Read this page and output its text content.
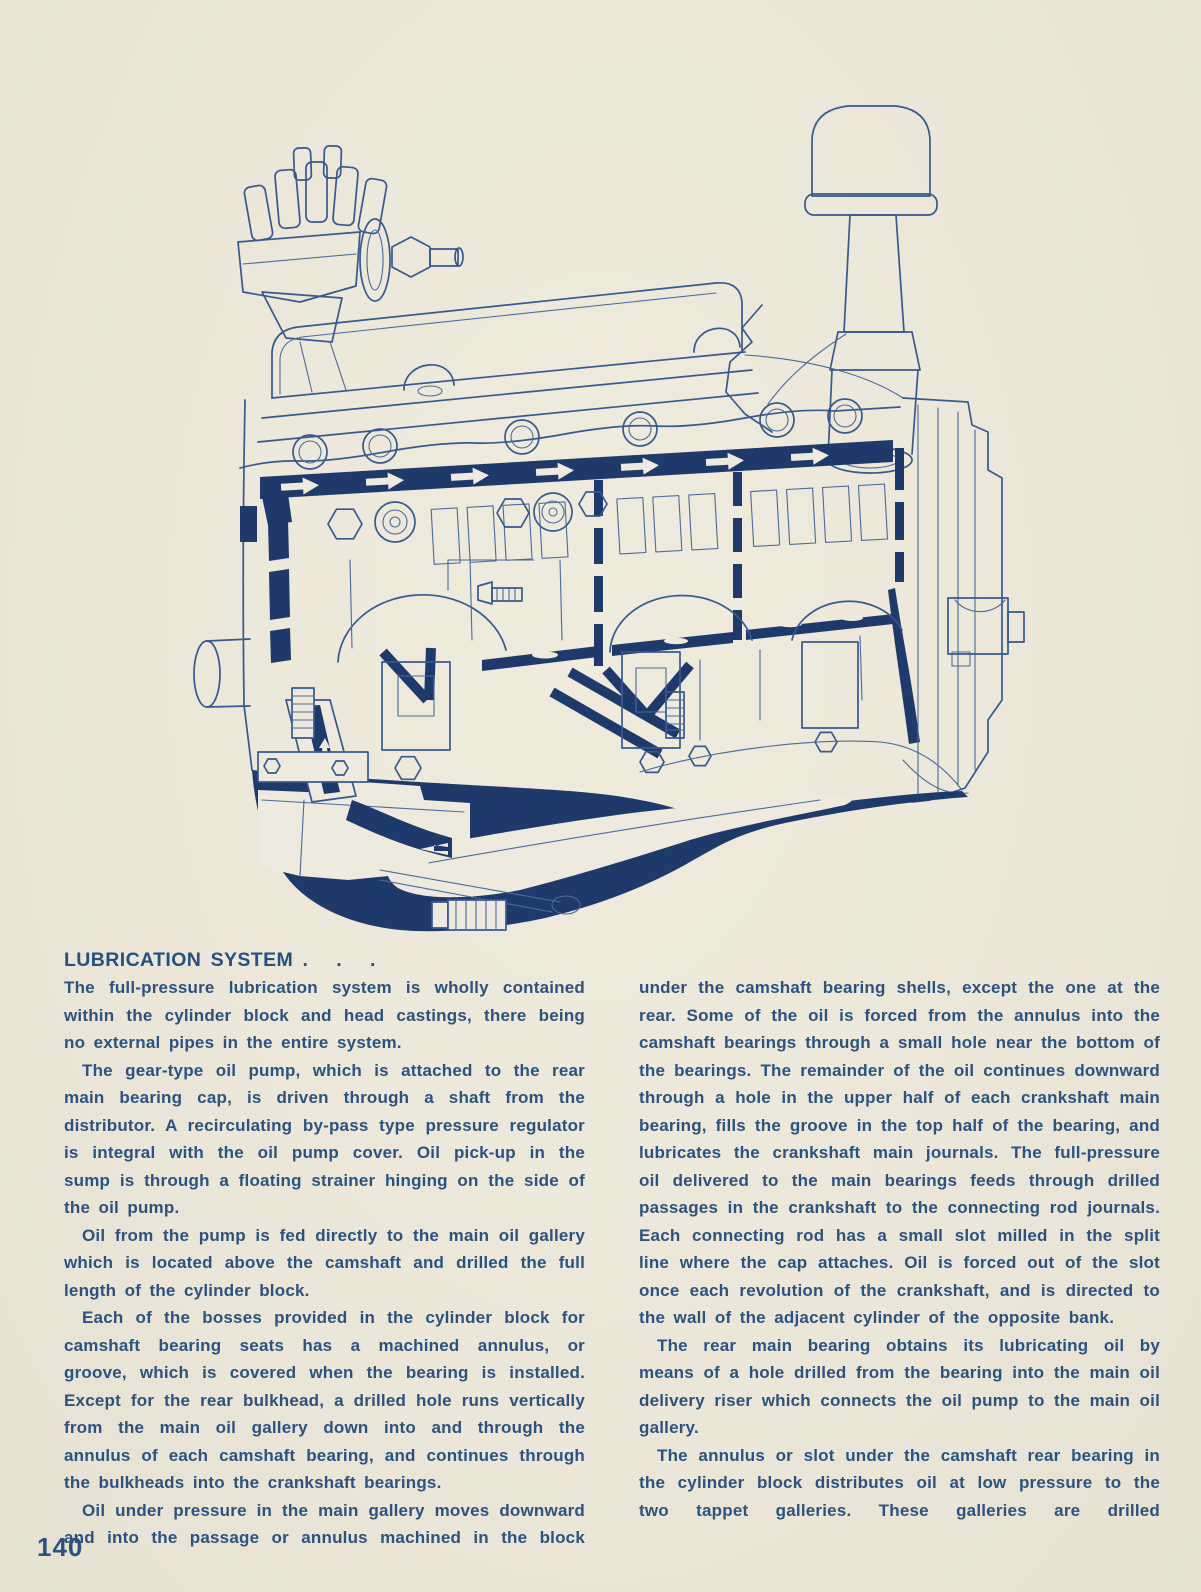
LUBRICATION SYSTEM .   .   .

The full-pressure lubrication system is wholly contained within the cylinder block and head castings, there being no external pipes in the entire system.

The gear-type oil pump, which is attached to the rear main bearing cap, is driven through a shaft from the distributor. A recirculating by-pass type pressure regulator is integral with the oil pump cover. Oil pick-up in the sump is through a floating strainer hinging on the side of the oil pump.

Oil from the pump is fed directly to the main oil gallery which is located above the camshaft and drilled the full length of the cylinder block.

Each of the bosses provided in the cylinder block for camshaft bearing seats has a machined annulus, or groove, which is covered when the bearing is installed. Except for the rear bulkhead, a drilled hole runs vertically from the main oil gallery down into and through the annulus of each camshaft bearing, and continues through the bulkheads into the crankshaft bearings.

Oil under pressure in the main gallery moves downward and into the passage or annulus machined in the block

under the camshaft bearing shells, except the one at the rear. Some of the oil is forced from the annulus into the camshaft bearings through a small hole near the bottom of the bearings. The remainder of the oil continues downward through a hole in the upper half of each crankshaft main bearing, fills the groove in the top half of the bearing, and lubricates the crankshaft main journals. The full-pressure oil delivered to the main bearings feeds through drilled passages in the crankshaft to the connecting rod journals. Each connecting rod has a small slot milled in the split line where the cap attaches. Oil is forced out of the slot once each revolution of the crankshaft, and is directed to the wall of the adjacent cylinder of the opposite bank.

The rear main bearing obtains its lubricating oil by means of a hole drilled from the bearing into the main oil delivery riser which connects the oil pump to the main oil gallery.

The annulus or slot under the camshaft rear bearing in the cylinder block distributes oil at low pressure to the two tappet galleries. These galleries are drilled

140
